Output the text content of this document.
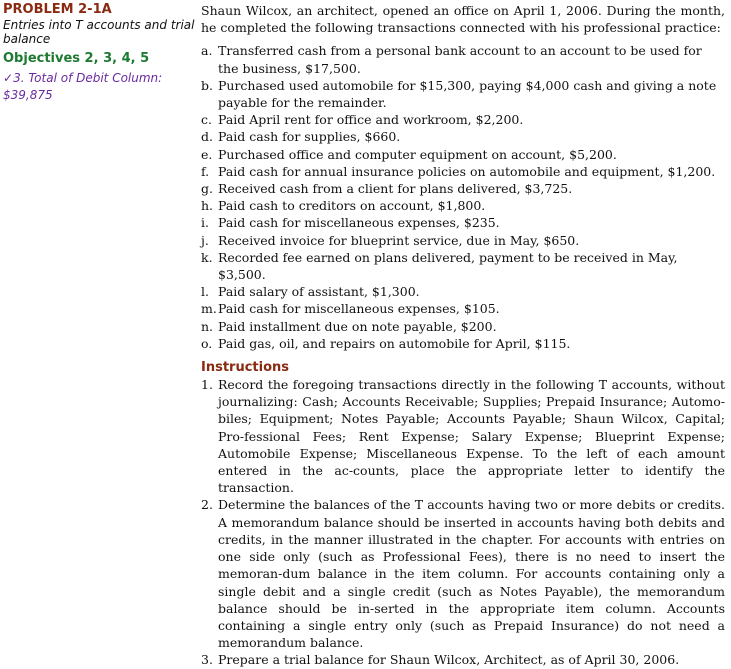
PROBLEM 2-1A
Entries into T accounts and trial balance
Objectives 2, 3, 4, 5
✓3. Total of Debit Column:
$39,875
Shaun Wilcox, an architect, opened an office on April 1, 2006. During the month, he completed the following transactions connected with his professional practice:
a. Transferred cash from a personal bank account to an account to be used for the business, $17,500.
b. Purchased used automobile for $15,300, paying $4,000 cash and giving a note payable for the remainder.
c. Paid April rent for office and workroom, $2,200.
d. Paid cash for supplies, $660.
e. Purchased office and computer equipment on account, $5,200.
f. Paid cash for annual insurance policies on automobile and equipment, $1,200.
g. Received cash from a client for plans delivered, $3,725.
h. Paid cash to creditors on account, $1,800.
i. Paid cash for miscellaneous expenses, $235.
j. Received invoice for blueprint service, due in May, $650.
k. Recorded fee earned on plans delivered, payment to be received in May, $3,500.
l. Paid salary of assistant, $1,300.
m. Paid cash for miscellaneous expenses, $105.
n. Paid installment due on note payable, $200.
o. Paid gas, oil, and repairs on automobile for April, $115.
Instructions
1. Record the foregoing transactions directly in the following T accounts, without journalizing: Cash; Accounts Receivable; Supplies; Prepaid Insurance; Automo-biles; Equipment; Notes Payable; Accounts Payable; Shaun Wilcox, Capital; Pro-fessional Fees; Rent Expense; Salary Expense; Blueprint Expense; Automobile Expense; Miscellaneous Expense. To the left of each amount entered in the ac-counts, place the appropriate letter to identify the transaction.
2. Determine the balances of the T accounts having two or more debits or credits. A memorandum balance should be inserted in accounts having both debits and credits, in the manner illustrated in the chapter. For accounts with entries on one side only (such as Professional Fees), there is no need to insert the memoran-dum balance in the item column. For accounts containing only a single debit and a single credit (such as Notes Payable), the memorandum balance should be in-serted in the appropriate item column. Accounts containing a single entry only (such as Prepaid Insurance) do not need a memorandum balance.
3. Prepare a trial balance for Shaun Wilcox, Architect, as of April 30, 2006.
